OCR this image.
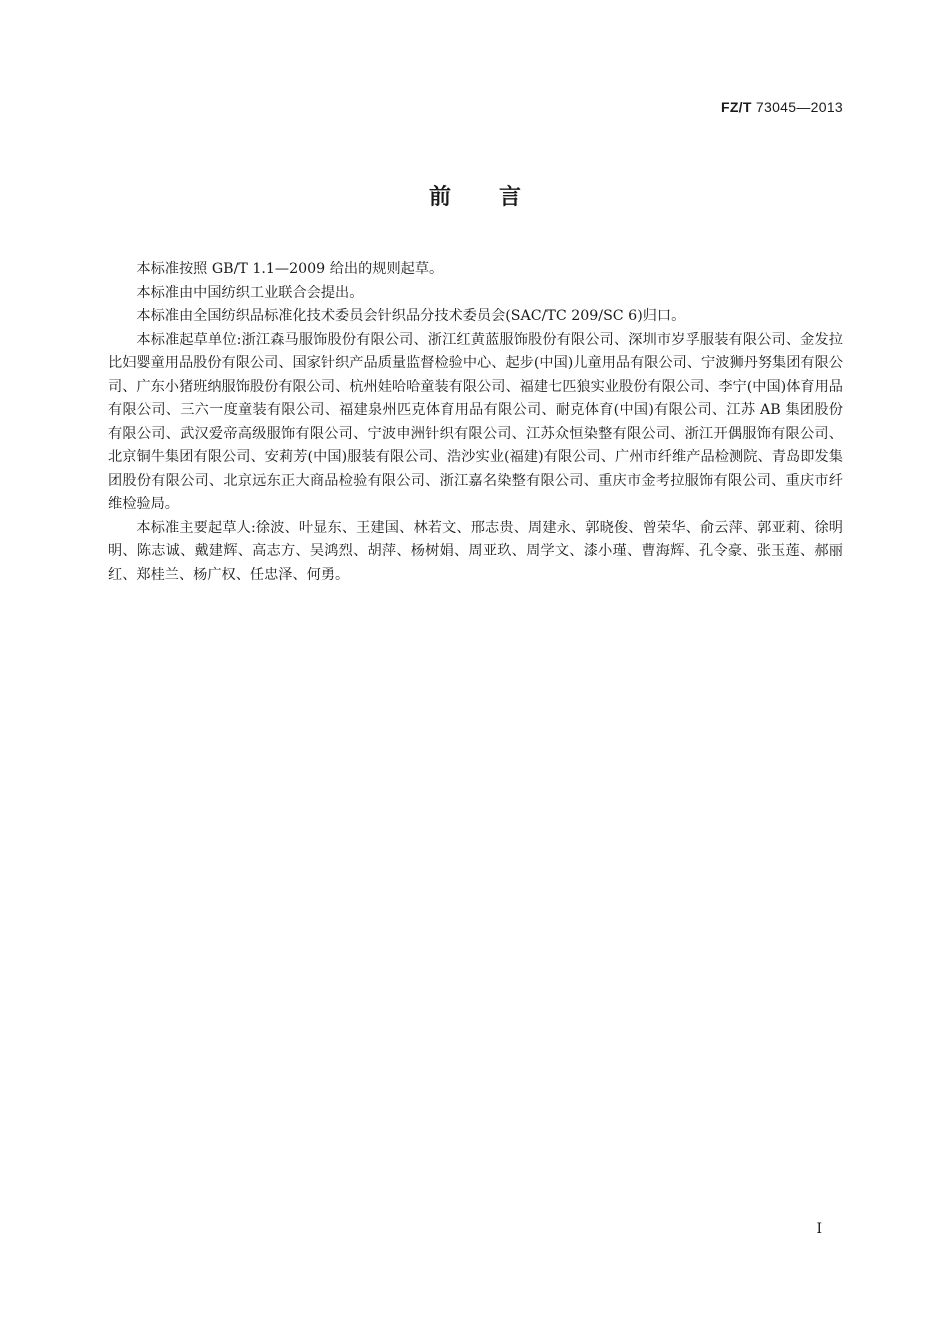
FZ/T 73045—2013
前言

本标准按照 GB/T 1.1—2009 给出的规则起草。

本标准由中国纺织工业联合会提出。

本标准由全国纺织品标准化技术委员会针织品分技术委员会(SAC/TC 209/SC 6)归口。

本标准起草单位:浙江森马服饰股份有限公司、浙江红黄蓝服饰股份有限公司、深圳市岁孚服装有限公司、金发拉比妇婴童用品股份有限公司、国家针织产品质量监督检验中心、起步(中国)儿童用品有限公司、宁波狮丹努集团有限公司、广东小猪班纳服饰股份有限公司、杭州娃哈哈童装有限公司、福建七匹狼实业股份有限公司、李宁(中国)体育用品有限公司、三六一度童装有限公司、福建泉州匹克体育用品有限公司、耐克体育(中国)有限公司、江苏 AB 集团股份有限公司、武汉爱帝高级服饰有限公司、宁波申洲针织有限公司、江苏众恒染整有限公司、浙江开偶服饰有限公司、北京铜牛集团有限公司、安莉芳(中国)服装有限公司、浩沙实业(福建)有限公司、广州市纤维产品检测院、青岛即发集团股份有限公司、北京远东正大商品检验有限公司、浙江嘉名染整有限公司、重庆市金考拉服饰有限公司、重庆市纤维检验局。

本标准主要起草人:徐波、叶显东、王建国、林若文、邢志贵、周建永、郭晓俊、曾荣华、俞云萍、郭亚莉、徐明明、陈志诚、戴建辉、高志方、吴鸿烈、胡萍、杨树娟、周亚玖、周学文、漆小瑾、曹海辉、孔令豪、张玉莲、郝丽红、郑桂兰、杨广权、任忠泽、何勇。

I
